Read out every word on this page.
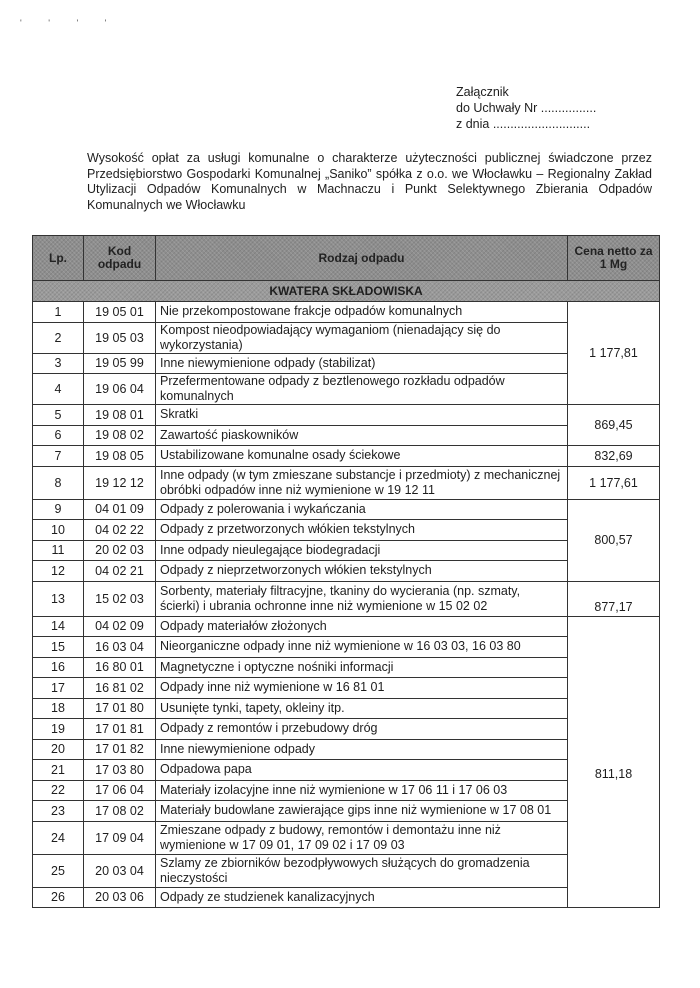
' ' ' '
Załącznik
do Uchwały Nr ................
z dnia ............................
Wysokość opłat za usługi komunalne o charakterze użyteczności publicznej świadczone przez Przedsiębiorstwo Gospodarki Komunalnej „Saniko” spółka z o.o. we Włocławku – Regionalny Zakład Utylizacji Odpadów Komunalnych w Machnaczu i Punkt Selektywnego Zbierania Odpadów Komunalnych we Włocławku
Lp.	Kod odpadu	Rodzaj odpadu	Cena netto za 1 Mg
KWATERA SKŁADOWISKA			
1	19 05 01	Nie przekompostowane frakcje odpadów komunalnych	1 177,81
2	19 05 03	Kompost nieodpowiadający wymaganiom (nienadający się do wykorzystania)	
3	19 05 99	Inne niewymienione odpady (stabilizat)	
4	19 06 04	Przefermentowane odpady z beztlenowego rozkładu odpadów komunalnych	
5	19 08 01	Skratki	869,45
6	19 08 02	Zawartość piaskowników	
7	19 08 05	Ustabilizowane komunalne osady ściekowe	832,69
8	19 12 12	Inne odpady (w tym zmieszane substancje i przedmioty) z mechanicznej obróbki odpadów inne niż wymienione w 19 12 11	1 177,61
9	04 01 09	Odpady z polerowania i wykańczania	800,57
10	04 02 22	Odpady z przetworzonych włókien tekstylnych	
11	20 02 03	Inne odpady nieulegające biodegradacji	
12	04 02 21	Odpady z nieprzetworzonych włókien tekstylnych	
13	15 02 03	Sorbenty, materiały filtracyjne, tkaniny do wycierania (np. szmaty, ścierki) i ubrania ochronne inne niż wymienione w 15 02 02	877,17
14	04 02 09	Odpady materiałów złożonych	811,18
15	16 03 04	Nieorganiczne odpady inne niż wymienione w 16 03 03, 16 03 80	
16	16 80 01	Magnetyczne i optyczne nośniki informacji	
17	16 81 02	Odpady inne niż wymienione w 16 81 01	
18	17 01 80	Usunięte tynki, tapety, okleiny itp.	
19	17 01 81	Odpady z remontów i przebudowy dróg	
20	17 01 82	Inne niewymienione odpady	
21	17 03 80	Odpadowa papa	
22	17 06 04	Materiały izolacyjne inne niż wymienione w 17 06 11 i 17 06 03	
23	17 08 02	Materiały budowlane zawierające gips inne niż wymienione w 17 08 01	
24	17 09 04	Zmieszane odpady z budowy, remontów i demontażu inne niż wymienione w 17 09 01, 17 09 02 i 17 09 03	
25	20 03 04	Szlamy ze zbiorników bezodpływowych służących do gromadzenia nieczystości	
26	20 03 06	Odpady ze studzienek kanalizacyjnych	
